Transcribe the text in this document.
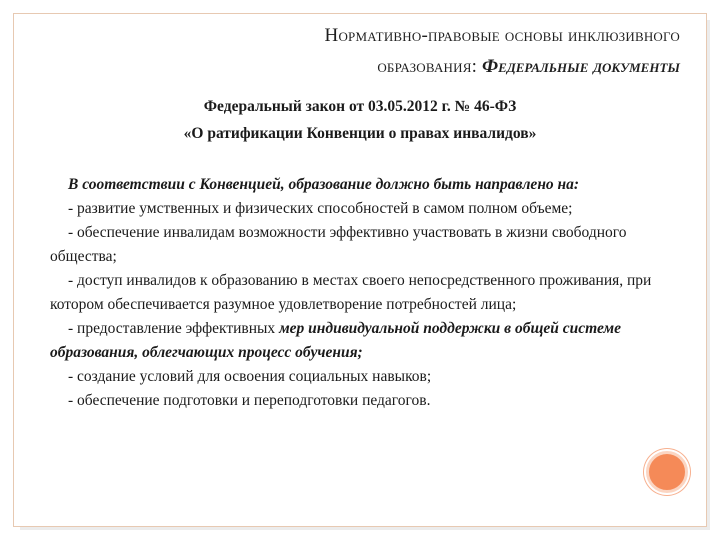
Нормативно-правовые основы инклюзивного
образования: Федеральные документы
Федеральный закон от 03.05.2012 г. № 46-ФЗ
«О ратификации Конвенции о правах инвалидов»
В соответствии с Конвенцией, образование должно быть направлено на:
- развитие умственных и физических способностей в самом полном объеме;
- обеспечение инвалидам возможности эффективно участвовать в жизни свободного общества;
- доступ инвалидов к образованию в местах своего непосредственного проживания, при котором обеспечивается разумное удовлетворение потребностей лица;
- предоставление эффективных мер индивидуальной поддержки в общей системе образования, облегчающих процесс обучения;
- создание условий для освоения социальных навыков;
- обеспечение подготовки и переподготовки педагогов.
